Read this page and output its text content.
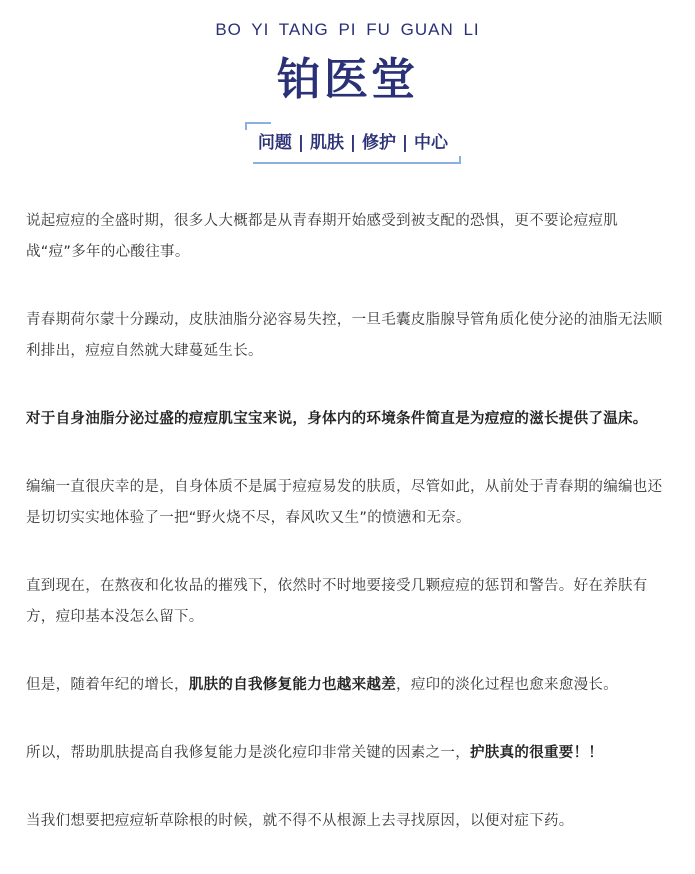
BO YI TANG PI FU GUAN LI
铂医堂
问题 | 肌肤 | 修护 | 中心

说起痘痘的全盛时期，很多人大概都是从青春期开始感受到被支配的恐惧，更不要论痘痘肌战“痘”多年的心酸往事。

青春期荷尔蒙十分躁动，皮肤油脂分泌容易失控，一旦毛囊皮脂腺导管角质化使分泌的油脂无法顺利排出，痘痘自然就大肆蔓延生长。

对于自身油脂分泌过盛的痘痘肌宝宝来说，身体内的环境条件简直是为痘痘的滋长提供了温床。

编编一直很庆幸的是，自身体质不是属于痘痘易发的肤质，尽管如此，从前处于青春期的编编也还是切切实实地体验了一把“野火烧不尽，春风吹又生”的愤懑和无奈。

直到现在，在熬夜和化妆品的摧残下，依然时不时地要接受几颗痘痘的惩罚和警告。好在养肤有方，痘印基本没怎么留下。

但是，随着年纪的增长，肌肤的自我修复能力也越来越差，痘印的淡化过程也愈来愈漫长。

所以，帮助肌肤提高自我修复能力是淡化痘印非常关键的因素之一，护肤真的很重要！！

当我们想要把痘痘斩草除根的时候，就不得不从根源上去寻找原因，以便对症下药。
